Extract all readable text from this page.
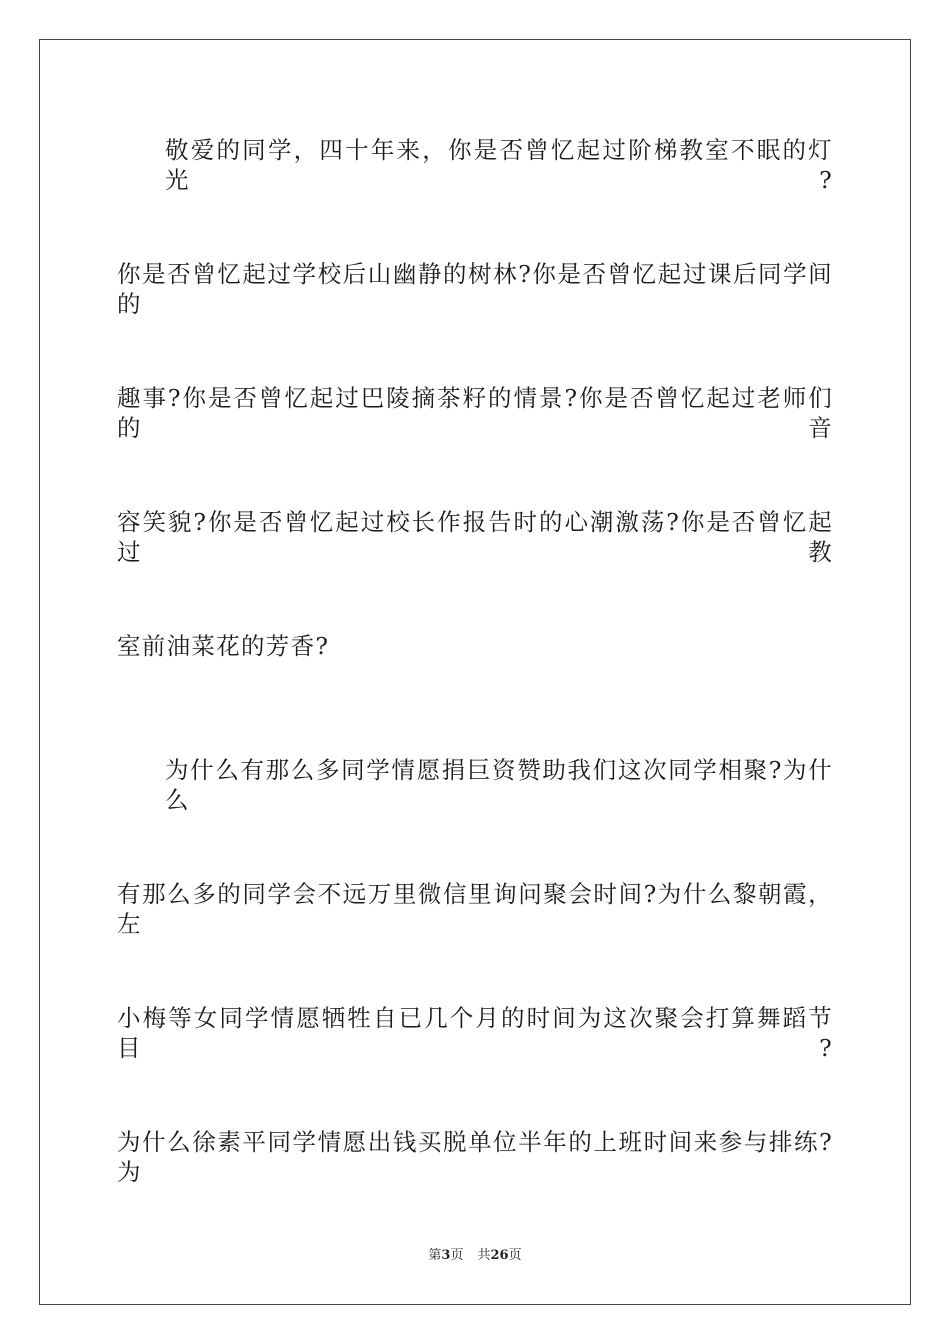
敬爱的同学，四十年来，你是否曾忆起过阶梯教室不眠的灯光?

你是否曾忆起过学校后山幽静的树林?你是否曾忆起过课后同学间的

趣事?你是否曾忆起过巴陵摘茶籽的情景?你是否曾忆起过老师们的音

容笑貌?你是否曾忆起过校长作报告时的心潮激荡?你是否曾忆起过教

室前油菜花的芳香?

为什么有那么多同学情愿捐巨资赞助我们这次同学相聚?为什么

有那么多的同学会不远万里微信里询问聚会时间?为什么黎朝霞，左

小梅等女同学情愿牺牲自已几个月的时间为这次聚会打算舞蹈节目?

为什么徐素平同学情愿出钱买脱单位半年的上班时间来参与排练?为

第3页 共26页
